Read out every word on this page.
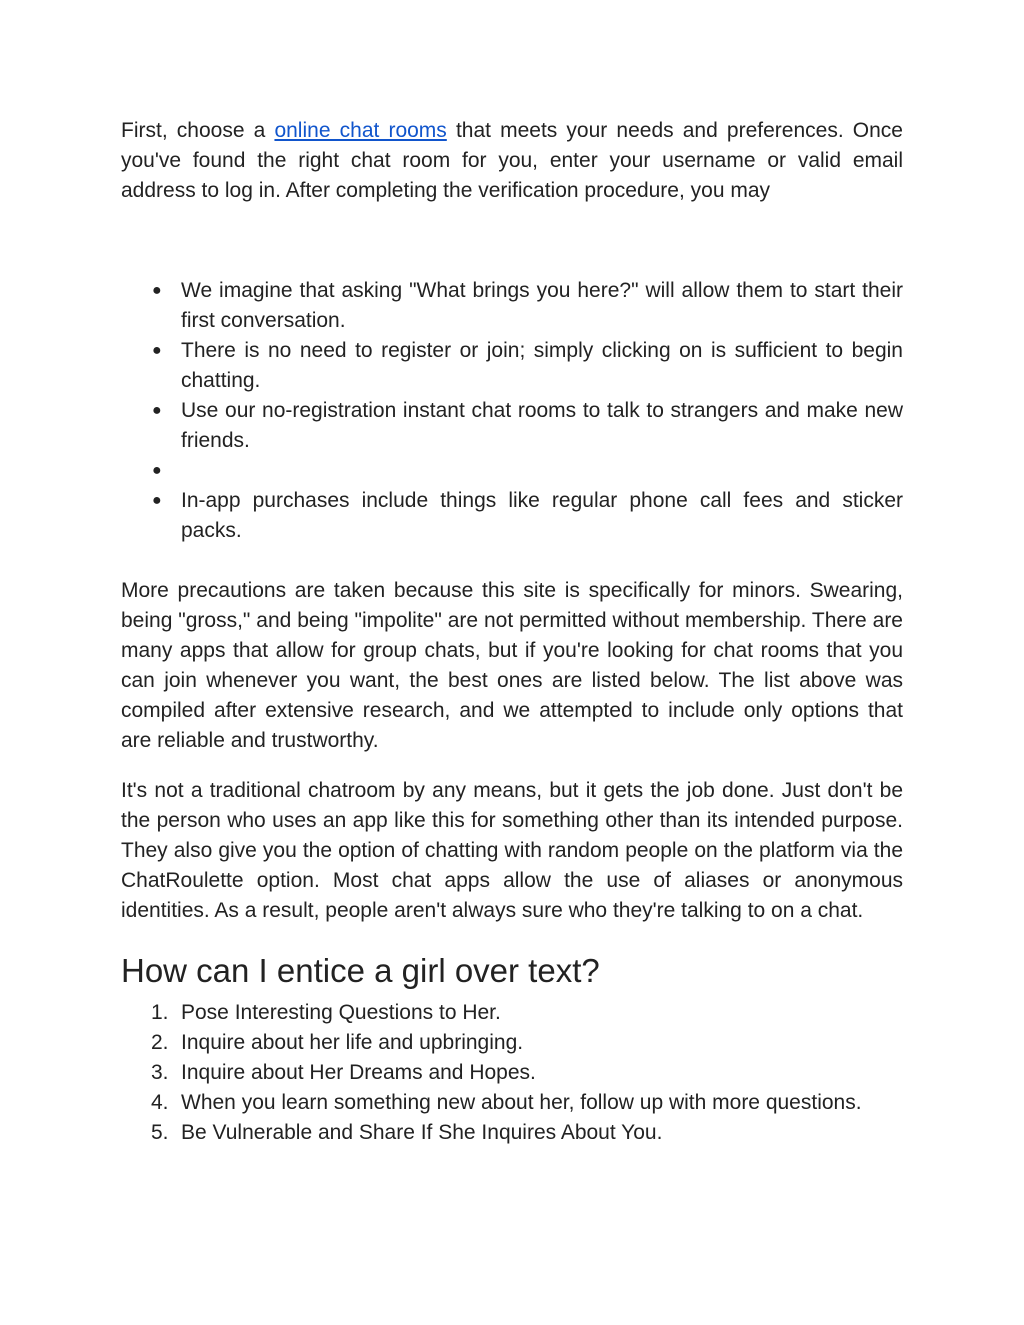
First, choose a online chat rooms that meets your needs and preferences. Once you've found the right chat room for you, enter your username or valid email address to log in. After completing the verification procedure, you may

● We imagine that asking "What brings you here?" will allow them to start their first conversation.
● There is no need to register or join; simply clicking on is sufficient to begin chatting.
● Use our no-registration instant chat rooms to talk to strangers and make new friends.
●
● In-app purchases include things like regular phone call fees and sticker packs.

More precautions are taken because this site is specifically for minors. Swearing, being "gross," and being "impolite" are not permitted without membership. There are many apps that allow for group chats, but if you're looking for chat rooms that you can join whenever you want, the best ones are listed below. The list above was compiled after extensive research, and we attempted to include only options that are reliable and trustworthy.

It's not a traditional chatroom by any means, but it gets the job done. Just don't be the person who uses an app like this for something other than its intended purpose. They also give you the option of chatting with random people on the platform via the ChatRoulette option. Most chat apps allow the use of aliases or anonymous identities. As a result, people aren't always sure who they're talking to on a chat.

How can I entice a girl over text?
1. Pose Interesting Questions to Her.
2. Inquire about her life and upbringing.
3. Inquire about Her Dreams and Hopes.
4. When you learn something new about her, follow up with more questions.
5. Be Vulnerable and Share If She Inquires About You.
